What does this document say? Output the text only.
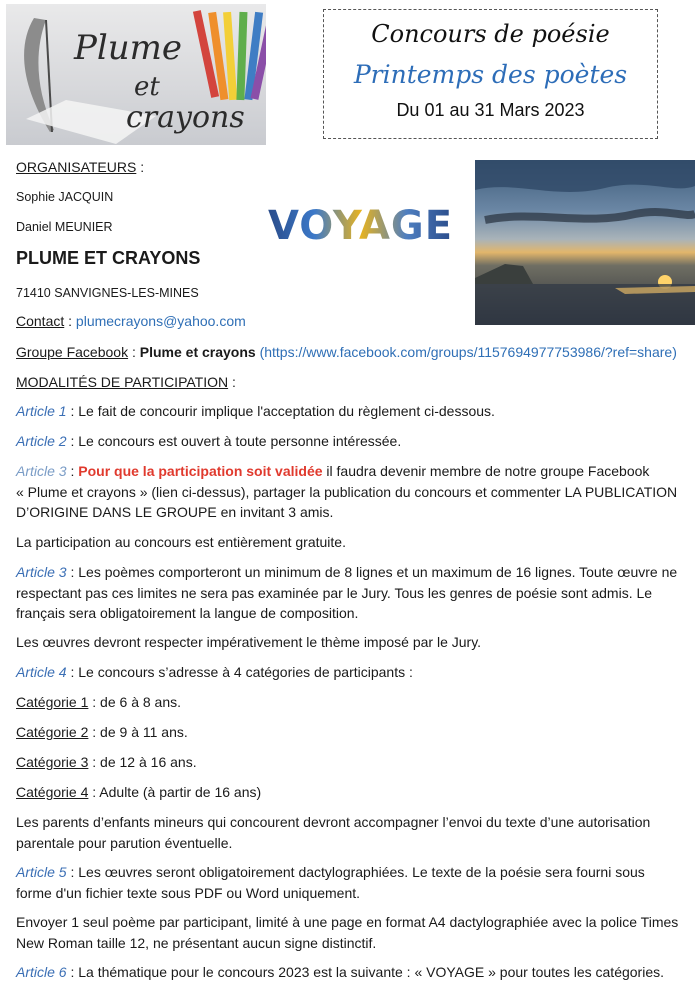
Plume
et
crayons
Concours de poésie
Printemps des poètes
Du 01 au 31 Mars 2023
VOYAGE

ORGANISATEURS :

Sophie JACQUIN

Daniel MEUNIER

PLUME ET CRAYONS

71410 SANVIGNES-LES-MINES

Contact : plumecrayons@yahoo.com

Groupe Facebook : Plume et crayons (https://www.facebook.com/groups/1157694977753986/?ref=share)

MODALITÉS DE PARTICIPATION :

Article 1 : Le fait de concourir implique l'acceptation du règlement ci-dessous.

Article 2 : Le concours est ouvert à toute personne intéressée.

Article 3 : Pour que la participation soit validée il faudra devenir membre de notre groupe Facebook

« Plume et crayons » (lien ci-dessus), partager la publication du concours et commenter LA PUBLICATION

D’ORIGINE DANS LE GROUPE en invitant 3 amis.

La participation au concours est entièrement gratuite.

Article 3 : Les poèmes comporteront un minimum de 8 lignes et un maximum de 16 lignes. Toute œuvre ne

respectant pas ces limites ne sera pas examinée par le Jury. Tous les genres de poésie sont admis. Le

français sera obligatoirement la langue de composition.

Les œuvres devront respecter impérativement le thème imposé par le Jury.

Article 4 : Le concours s’adresse à 4 catégories de participants :

Catégorie 1 : de 6 à 8 ans.

Catégorie 2 : de 9 à 11 ans.

Catégorie 3 : de 12 à 16 ans.

Catégorie 4 : Adulte (à partir de 16 ans)

Les parents d’enfants mineurs qui concourent devront accompagner l’envoi du texte d’une autorisation

parentale pour parution éventuelle.

Article 5 : Les œuvres seront obligatoirement dactylographiées. Le texte de la poésie sera fourni sous

forme d'un fichier texte sous PDF ou Word uniquement.

Envoyer 1 seul poème par participant, limité à une page en format A4 dactylographiée avec la police Times

New Roman taille 12, ne présentant aucun signe distinctif.

Article 6 : La thématique pour le concours 2023 est la suivante : « VOYAGE » pour toutes les catégories.
